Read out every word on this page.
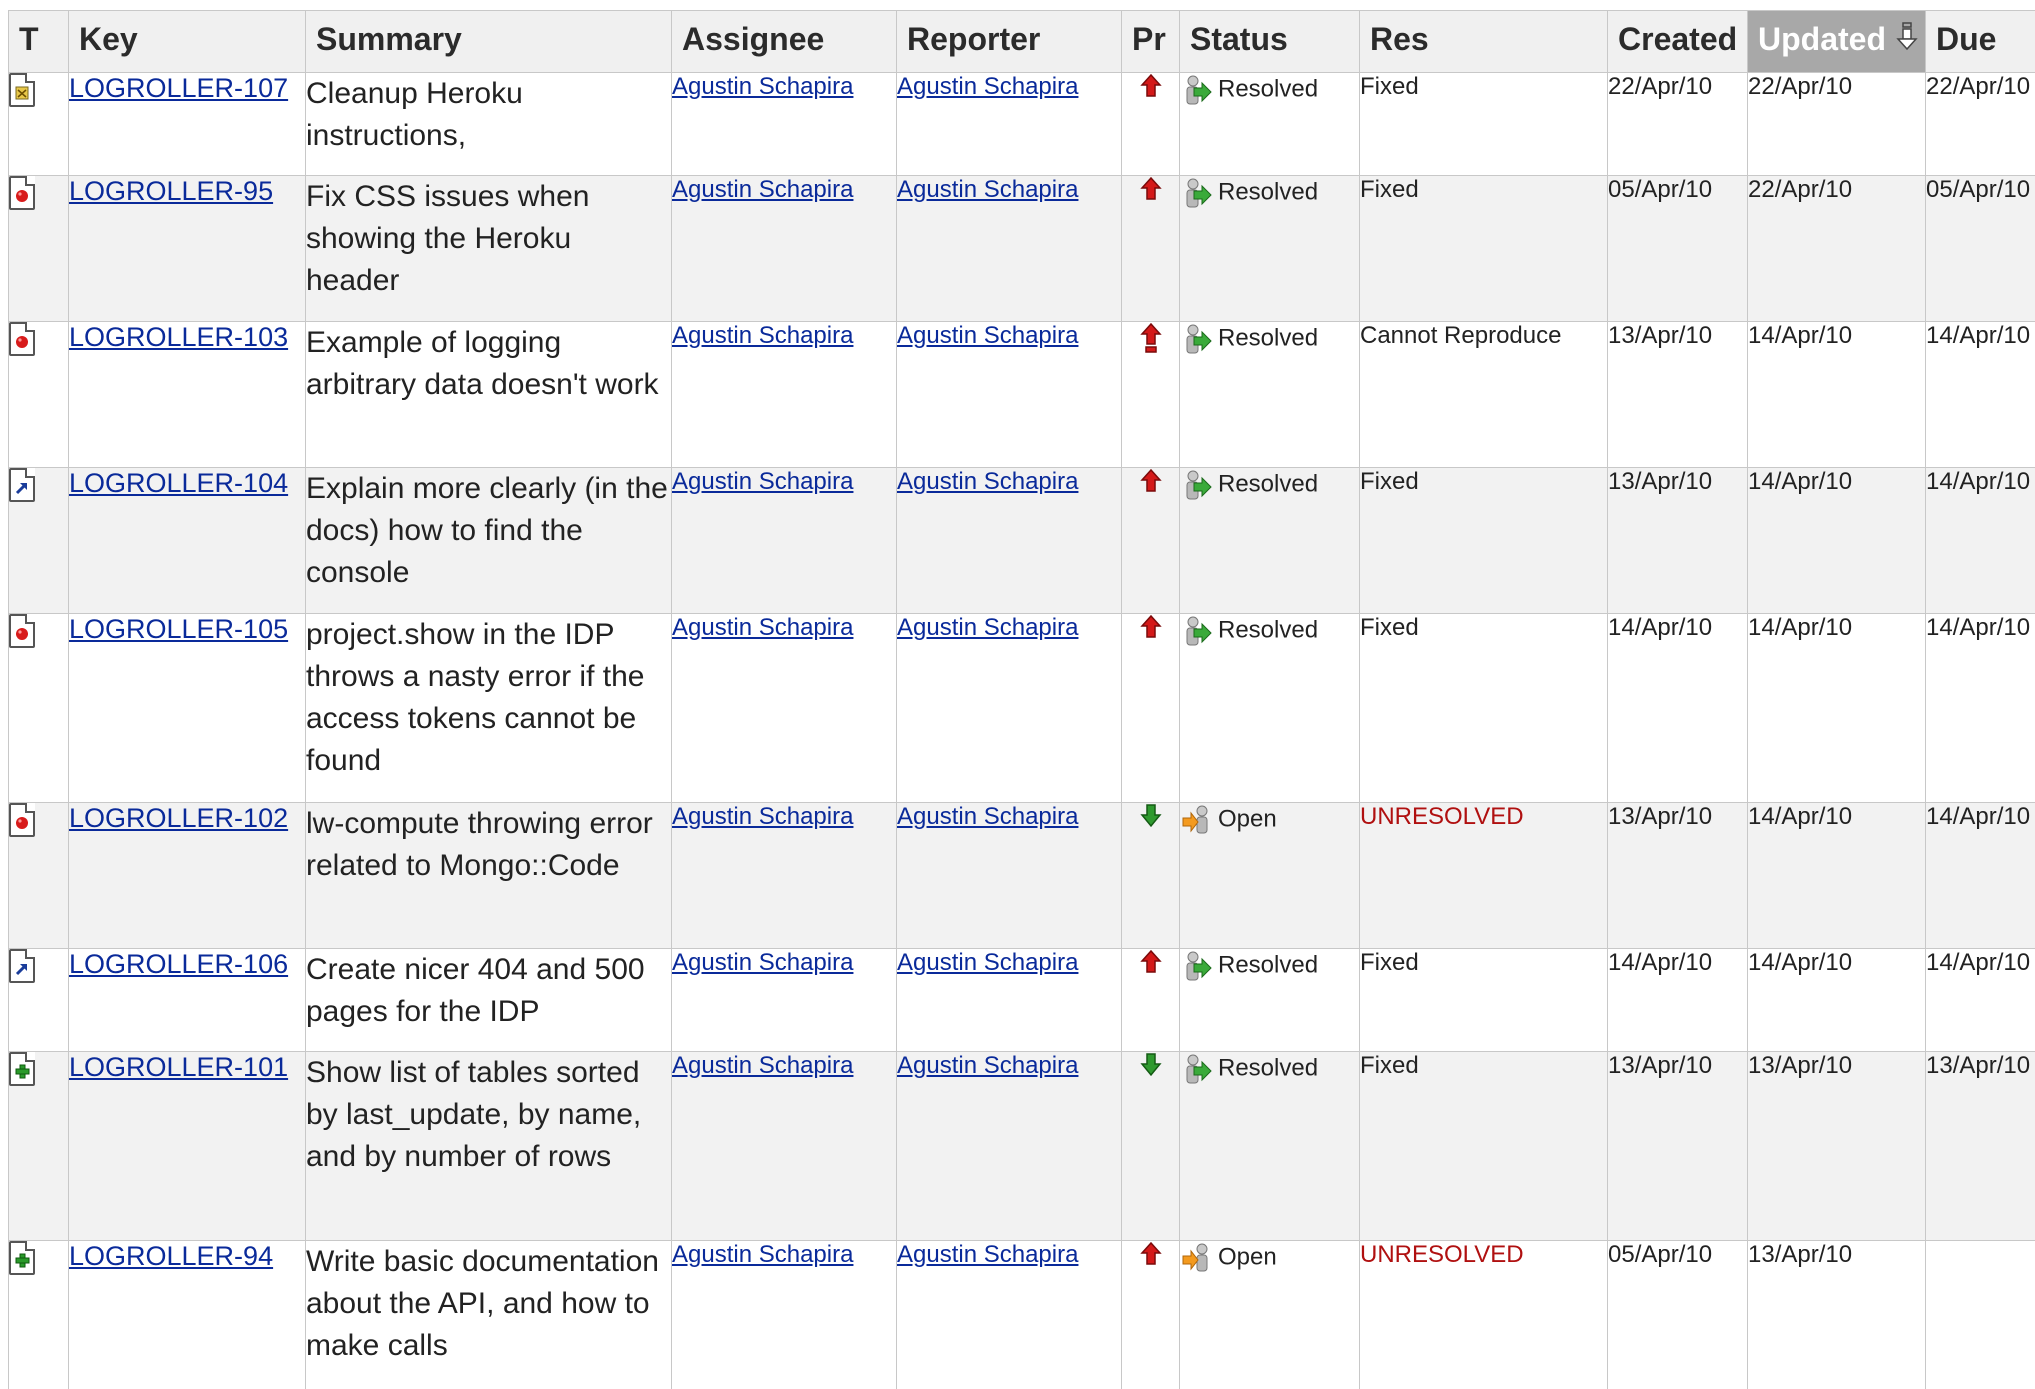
T	Key	Summary	Assignee	Reporter	Pr	Status	Res	Created	Updated	Due

	LOGROLLER-107	Cleanup Heroku instructions,	Agustin Schapira	Agustin Schapira		Resolved	Fixed	22/Apr/10	22/Apr/10	22/Apr/10

	LOGROLLER-95	Fix CSS issues when showing the Heroku header	Agustin Schapira	Agustin Schapira		Resolved	Fixed	05/Apr/10	22/Apr/10	05/Apr/10

	LOGROLLER-103	Example of logging arbitrary data doesn't work	Agustin Schapira	Agustin Schapira		Resolved	Cannot Reproduce	13/Apr/10	14/Apr/10	14/Apr/10

	LOGROLLER-104	Explain more clearly (in the docs) how to find the console	Agustin Schapira	Agustin Schapira		Resolved	Fixed	13/Apr/10	14/Apr/10	14/Apr/10

	LOGROLLER-105	project.show in the IDP throws a nasty error if the access tokens cannot be found	Agustin Schapira	Agustin Schapira		Resolved	Fixed	14/Apr/10	14/Apr/10	14/Apr/10

	LOGROLLER-102	lw-compute throwing error related to Mongo::Code	Agustin Schapira	Agustin Schapira		Open	UNRESOLVED	13/Apr/10	14/Apr/10	14/Apr/10

	LOGROLLER-106	Create nicer 404 and 500 pages for the IDP	Agustin Schapira	Agustin Schapira		Resolved	Fixed	14/Apr/10	14/Apr/10	14/Apr/10

	LOGROLLER-101	Show list of tables sorted by last_update, by name, and by number of rows	Agustin Schapira	Agustin Schapira		Resolved	Fixed	13/Apr/10	13/Apr/10	13/Apr/10

	LOGROLLER-94	Write basic documentation about the API, and how to make calls	Agustin Schapira	Agustin Schapira		Open	UNRESOLVED	05/Apr/10	13/Apr/10	
